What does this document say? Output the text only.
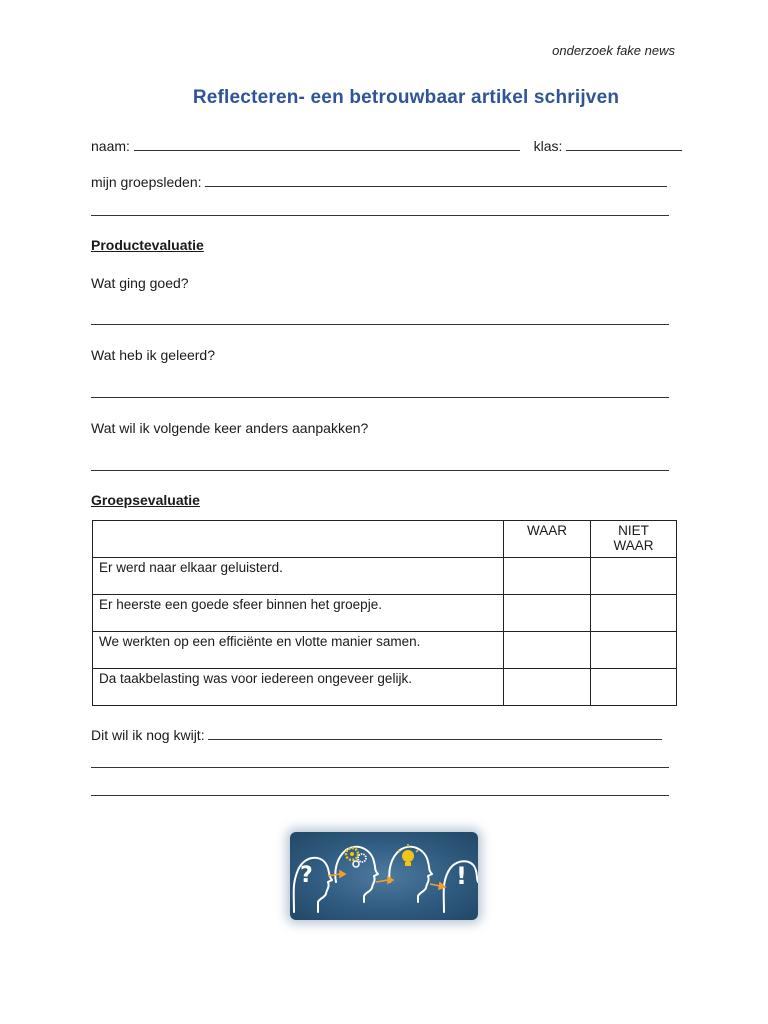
onderzoek fake news
Reflecteren- een betrouwbaar artikel schrijven
naam:	klas:
mijn groepsleden:
Productevaluatie
Wat ging goed?
Wat heb ik geleerd?
Wat wil ik volgende keer anders aanpakken?
Groepsevaluatie
	WAAR	NIET WAAR
Er werd naar elkaar geluisterd.		
Er heerste een goede sfeer binnen het groepje.		
We werkten op een efficiënte en vlotte manier samen.		
Da taakbelasting was voor iedereen ongeveer gelijk.		
Dit wil ik nog kwijt:
?	!
